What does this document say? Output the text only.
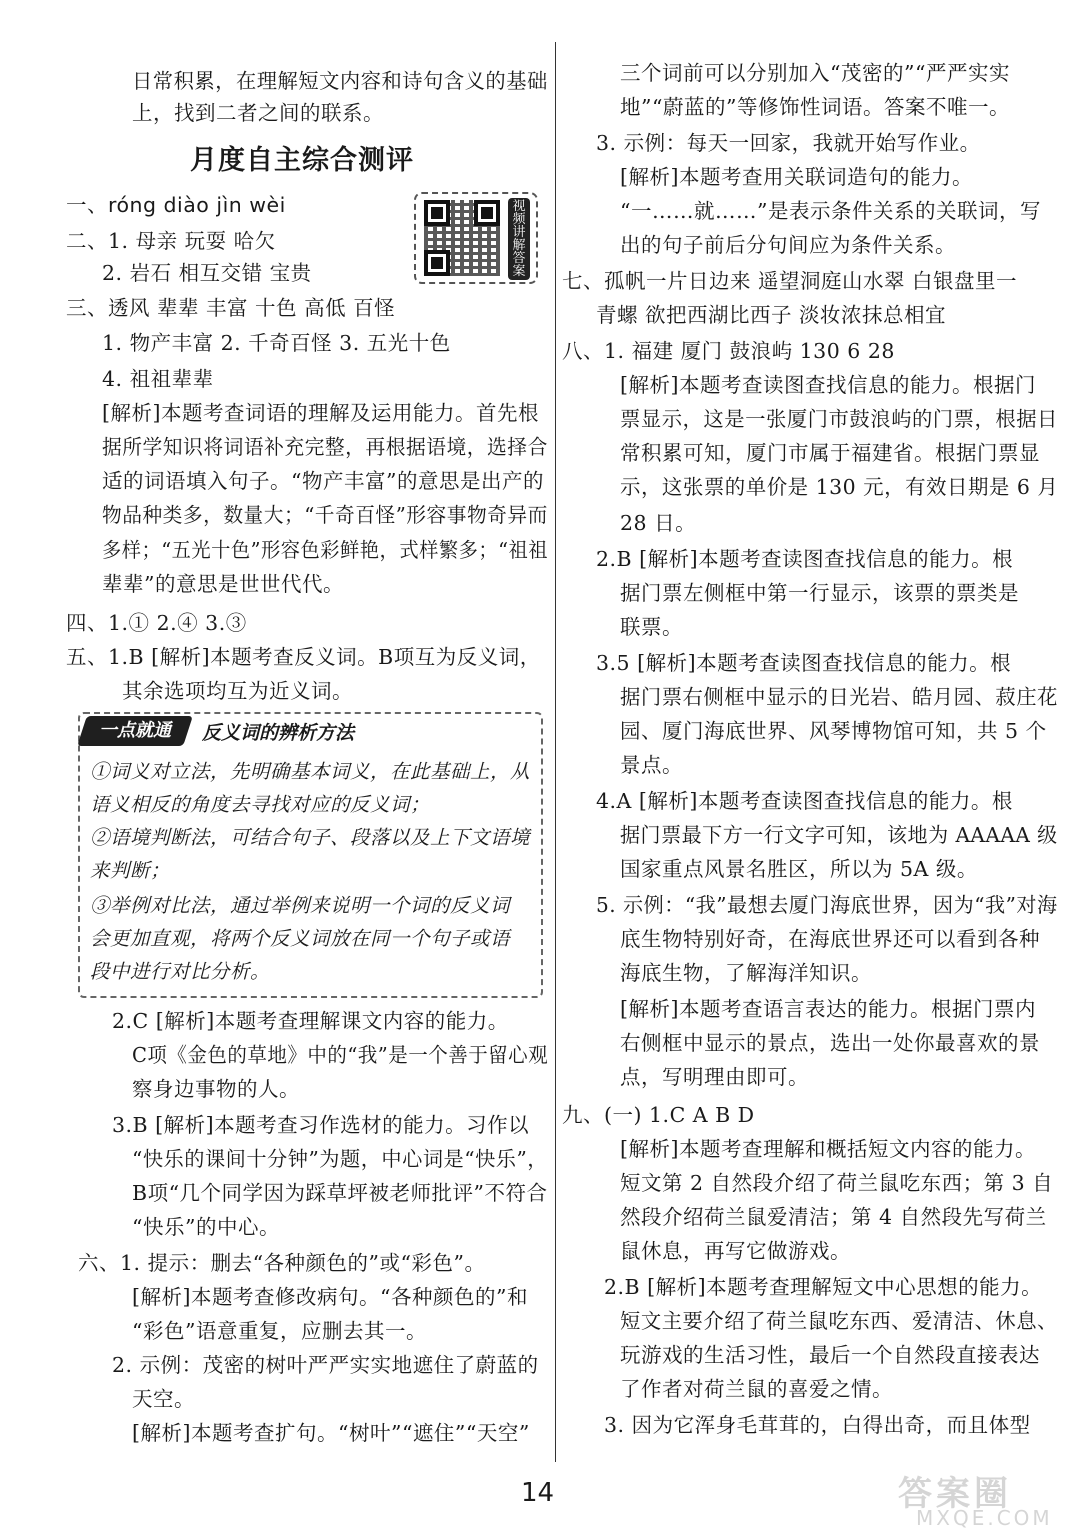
月度自主综合测评
视频讲解答案
一点就通	反义词的辨析方法
①词义对立法，先明确基本词义，在此基础上，从
语义相反的角度去寻找对应的反义词；
②语境判断法，可结合句子、段落以及上下文语境
来判断；
③举例对比法，通过举例来说明一个词的反义词
会更加直观，将两个反义词放在同一个句子或语
段中进行对比分析。
日常积累，在理解短文内容和诗句含义的基础
上，找到二者之间的联系。
一、róng diào jìn wèi
二、1. 母亲 玩耍 哈欠
2. 岩石 相互交错 宝贵
三、透风 辈辈 丰富 十色 高低 百怪
1. 物产丰富 2. 千奇百怪 3. 五光十色
4. 祖祖辈辈
[解析]本题考查词语的理解及运用能力。首先根
据所学知识将词语补充完整，再根据语境，选择合
适的词语填入句子。“物产丰富”的意思是出产的
物品种类多，数量大；“千奇百怪”形容事物奇异而
多样；“五光十色”形容色彩鲜艳，式样繁多；“祖祖
辈辈”的意思是世世代代。
四、1.① 2.④ 3.③
五、1.B [解析]本题考查反义词。B项互为反义词，
其余选项均互为近义词。
2.C [解析]本题考查理解课文内容的能力。
C项《金色的草地》中的“我”是一个善于留心观
察身边事物的人。
3.B [解析]本题考查习作选材的能力。习作以
“快乐的课间十分钟”为题，中心词是“快乐”，
B项“几个同学因为踩草坪被老师批评”不符合
“快乐”的中心。
六、1. 提示：删去“各种颜色的”或“彩色”。
[解析]本题考查修改病句。“各种颜色的”和
“彩色”语意重复，应删去其一。
2. 示例：茂密的树叶严严实实地遮住了蔚蓝的
天空。
[解析]本题考查扩句。“树叶”“遮住”“天空”
三个词前可以分别加入“茂密的”“严严实实
地”“蔚蓝的”等修饰性词语。答案不唯一。
3. 示例：每天一回家，我就开始写作业。
[解析]本题考查用关联词造句的能力。
“一……就……”是表示条件关系的关联词，写
出的句子前后分句间应为条件关系。
七、孤帆一片日边来 遥望洞庭山水翠 白银盘里一
青螺 欲把西湖比西子 淡妆浓抹总相宜
八、1. 福建 厦门 鼓浪屿 130 6 28
[解析]本题考查读图查找信息的能力。根据门
票显示，这是一张厦门市鼓浪屿的门票，根据日
常积累可知，厦门市属于福建省。根据门票显
示，这张票的单价是 130 元，有效日期是 6 月
28 日。
2.B [解析]本题考查读图查找信息的能力。根
据门票左侧框中第一行显示，该票的票类是
联票。
3.5 [解析]本题考查读图查找信息的能力。根
据门票右侧框中显示的日光岩、皓月园、菽庄花
园、厦门海底世界、风琴博物馆可知，共 5 个
景点。
4.A [解析]本题考查读图查找信息的能力。根
据门票最下方一行文字可知，该地为 AAAAA 级
国家重点风景名胜区，所以为 5A 级。
5. 示例：“我”最想去厦门海底世界，因为“我”对海
底生物特别好奇，在海底世界还可以看到各种
海底生物，了解海洋知识。
[解析]本题考查语言表达的能力。根据门票内
右侧框中显示的景点，选出一处你最喜欢的景
点，写明理由即可。
九、(一) 1.C A B D
[解析]本题考查理解和概括短文内容的能力。
短文第 2 自然段介绍了荷兰鼠吃东西；第 3 自
然段介绍荷兰鼠爱清洁；第 4 自然段先写荷兰
鼠休息，再写它做游戏。
2.B [解析]本题考查理解短文中心思想的能力。
短文主要介绍了荷兰鼠吃东西、爱清洁、休息、
玩游戏的生活习性，最后一个自然段直接表达
了作者对荷兰鼠的喜爱之情。
3. 因为它浑身毛茸茸的，白得出奇，而且体型
14	答案圈
MXQE.COM
